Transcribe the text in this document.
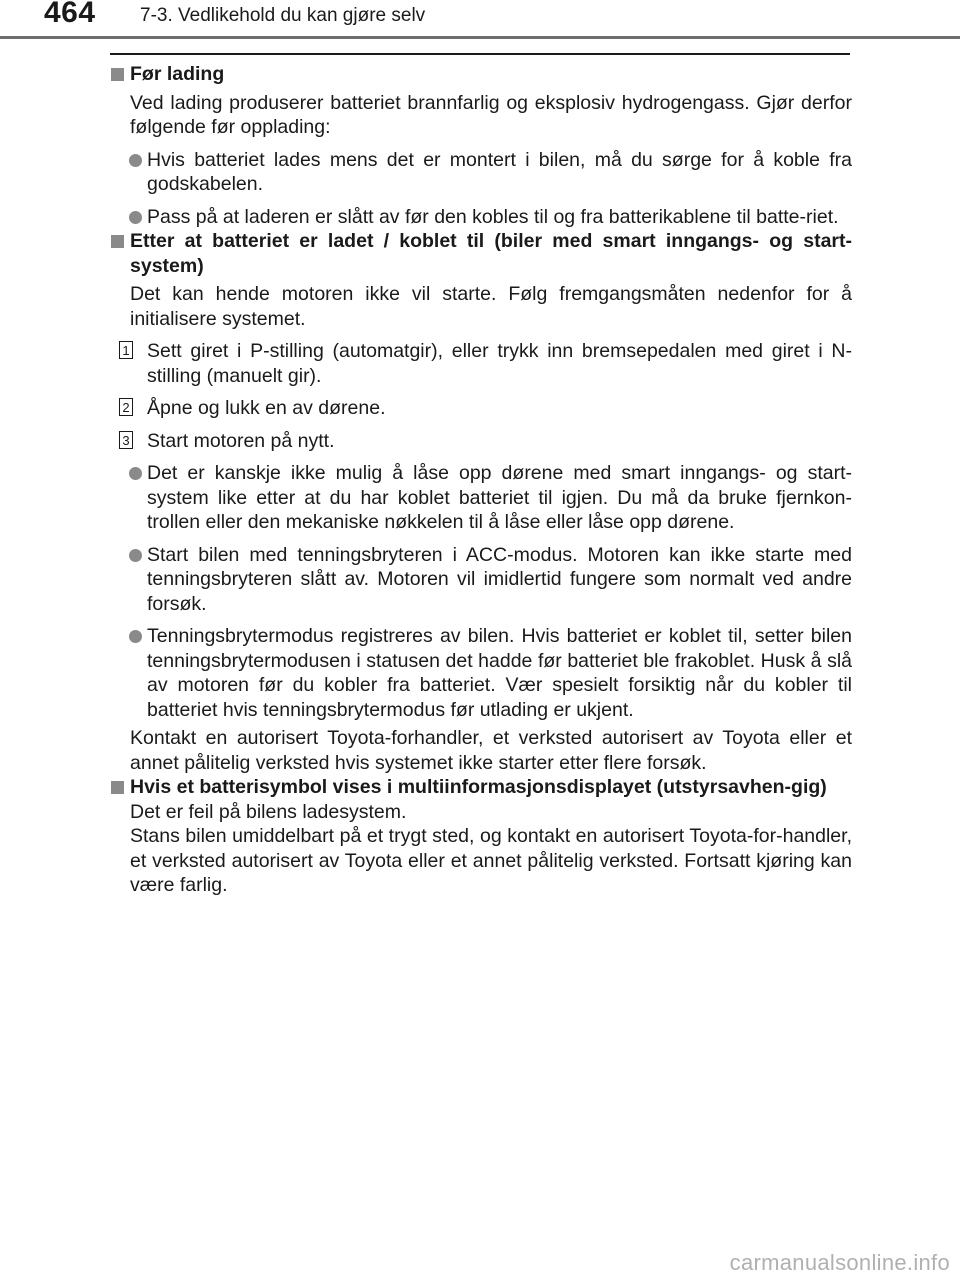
464 7-3. Vedlikehold du kan gjøre selv
Før lading
Ved lading produserer batteriet brannfarlig og eksplosiv hydrogengass. Gjør derfor følgende før opplading:
Hvis batteriet lades mens det er montert i bilen, må du sørge for å koble fra godskabelen.
Pass på at laderen er slått av før den kobles til og fra batterikablene til batte-riet.
Etter at batteriet er ladet / koblet til (biler med smart inngangs- og start-system)
Det kan hende motoren ikke vil starte. Følg fremgangsmåten nedenfor for å initialisere systemet.
1 Sett giret i P-stilling (automatgir), eller trykk inn bremsepedalen med giret i N-stilling (manuelt gir).
2 Åpne og lukk en av dørene.
3 Start motoren på nytt.
Det er kanskje ikke mulig å låse opp dørene med smart inngangs- og start-system like etter at du har koblet batteriet til igjen. Du må da bruke fjernkon-trollen eller den mekaniske nøkkelen til å låse eller låse opp dørene.
Start bilen med tenningsbryteren i ACC-modus. Motoren kan ikke starte med tenningsbryteren slått av. Motoren vil imidlertid fungere som normalt ved andre forsøk.
Tenningsbrytermodus registreres av bilen. Hvis batteriet er koblet til, setter bilen tenningsbrytermodusen i statusen det hadde før batteriet ble frakoblet. Husk å slå av motoren før du kobler fra batteriet. Vær spesielt forsiktig når du kobler til batteriet hvis tenningsbrytermodus før utlading er ukjent.
Kontakt en autorisert Toyota-forhandler, et verksted autorisert av Toyota eller et annet pålitelig verksted hvis systemet ikke starter etter flere forsøk.
Hvis et batterisymbol vises i multiinformasjonsdisplayet (utstyrsavhen-gig)
Det er feil på bilens ladesystem.
Stans bilen umiddelbart på et trygt sted, og kontakt en autorisert Toyota-for-handler, et verksted autorisert av Toyota eller et annet pålitelig verksted. Fortsatt kjøring kan være farlig.
carmanualsonline.info
